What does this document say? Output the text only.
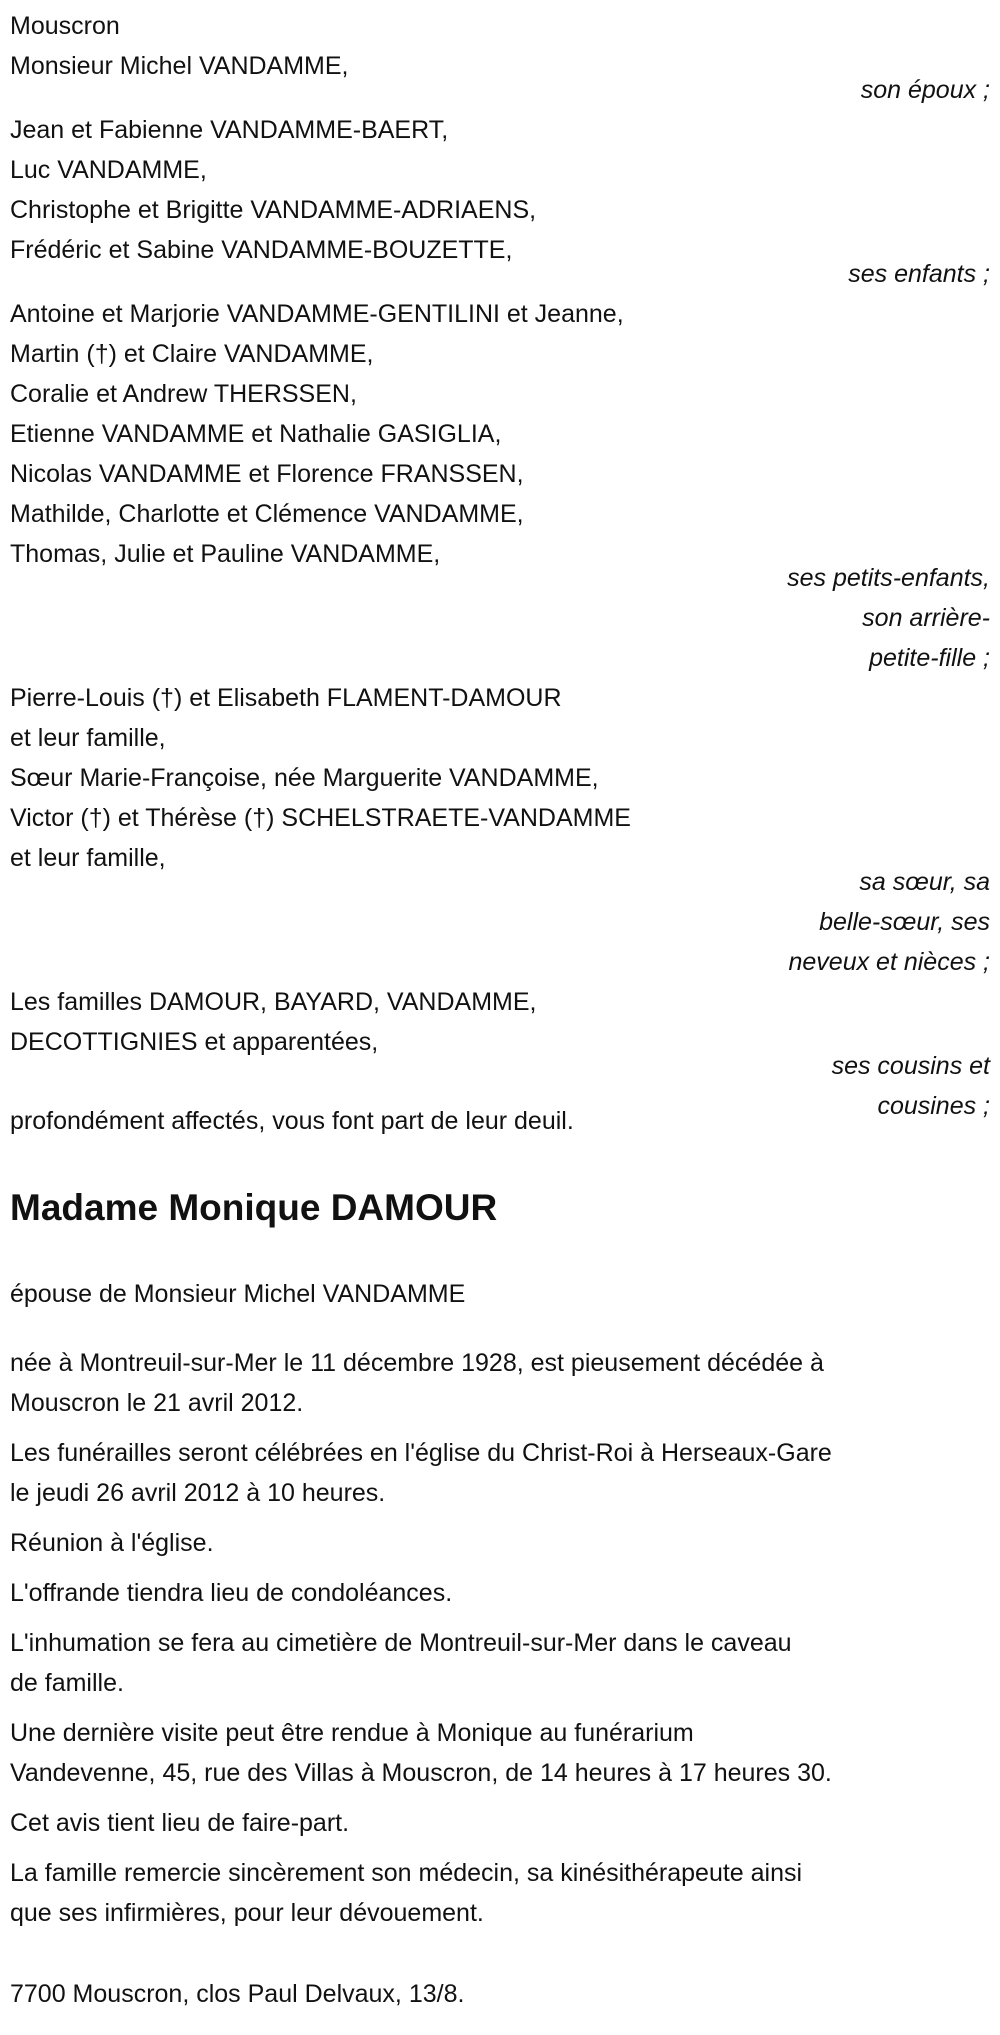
Mouscron
Monsieur Michel VANDAMME,
son époux ;
Jean et Fabienne VANDAMME-BAERT,
Luc VANDAMME,
Christophe et Brigitte VANDAMME-ADRIAENS,
Frédéric et Sabine VANDAMME-BOUZETTE,
ses enfants ;
Antoine et Marjorie VANDAMME-GENTILINI et Jeanne,
Martin (†) et Claire VANDAMME,
Coralie et Andrew THERSSEN,
Etienne VANDAMME et Nathalie GASIGLIA,
Nicolas VANDAMME et Florence FRANSSEN,
Mathilde, Charlotte et Clémence VANDAMME,
Thomas, Julie et Pauline VANDAMME,
ses petits-enfants,
son arrière-
petite-fille ;
Pierre-Louis (†) et Elisabeth FLAMENT-DAMOUR
et leur famille,
Sœur Marie-Françoise, née Marguerite VANDAMME,
Victor (†) et Thérèse (†) SCHELSTRAETE-VANDAMME
et leur famille,
sa sœur, sa
belle-sœur, ses
neveux et nièces ;
Les familles DAMOUR, BAYARD, VANDAMME,
DECOTTIGNIES et apparentées,
ses cousins et
cousines ;
profondément affectés, vous font part de leur deuil.
Madame Monique DAMOUR
épouse de Monsieur Michel VANDAMME
née à Montreuil-sur-Mer le 11 décembre 1928, est pieusement décédée à
Mouscron le 21 avril 2012.
Les funérailles seront célébrées en l'église du Christ-Roi à Herseaux-Gare
le jeudi 26 avril 2012 à 10 heures.
Réunion à l'église.
L'offrande tiendra lieu de condoléances.
L'inhumation se fera au cimetière de Montreuil-sur-Mer dans le caveau
de famille.
Une dernière visite peut être rendue à Monique au funérarium
Vandevenne, 45, rue des Villas à Mouscron, de 14 heures à 17 heures 30.
Cet avis tient lieu de faire-part.
La famille remercie sincèrement son médecin, sa kinésithérapeute ainsi
que ses infirmières, pour leur dévouement.
7700 Mouscron, clos Paul Delvaux, 13/8.
